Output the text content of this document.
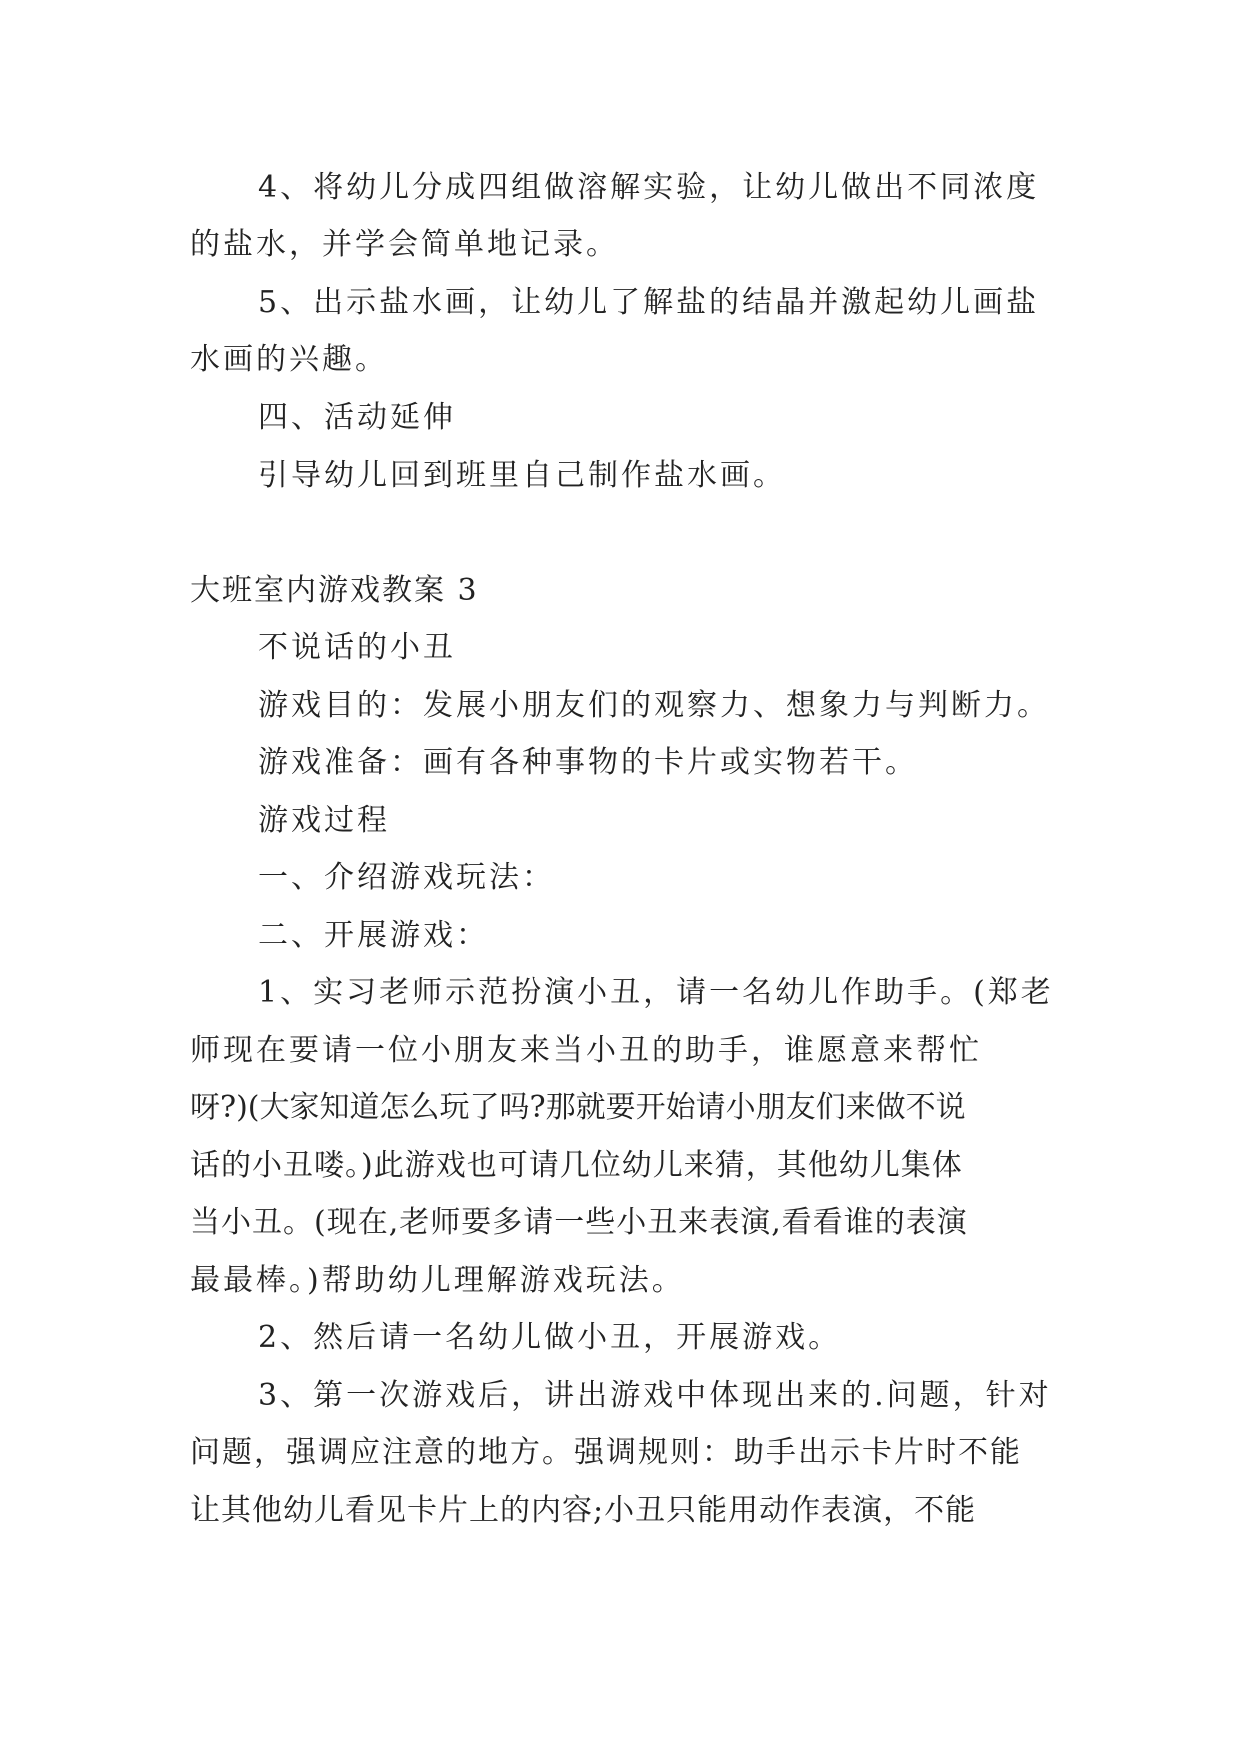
4、将幼儿分成四组做溶解实验，让幼儿做出不同浓度
的盐水，并学会简单地记录。
5、出示盐水画，让幼儿了解盐的结晶并激起幼儿画盐
水画的兴趣。
四、活动延伸
引导幼儿回到班里自己制作盐水画。
大班室内游戏教案 3
不说话的小丑
游戏目的：发展小朋友们的观察力、想象力与判断力。
游戏准备：画有各种事物的卡片或实物若干。
游戏过程
一、介绍游戏玩法：
二、开展游戏：
1、实习老师示范扮演小丑，请一名幼儿作助手。(郑老
师现在要请一位小朋友来当小丑的助手，谁愿意来帮忙
呀?)(大家知道怎么玩了吗?那就要开始请小朋友们来做不说
话的小丑喽。)此游戏也可请几位幼儿来猜，其他幼儿集体
当小丑。(现在,老师要多请一些小丑来表演,看看谁的表演
最最棒。)帮助幼儿理解游戏玩法。
2、然后请一名幼儿做小丑，开展游戏。
3、第一次游戏后，讲出游戏中体现出来的.问题，针对
问题，强调应注意的地方。强调规则：助手出示卡片时不能
让其他幼儿看见卡片上的内容;小丑只能用动作表演，不能
